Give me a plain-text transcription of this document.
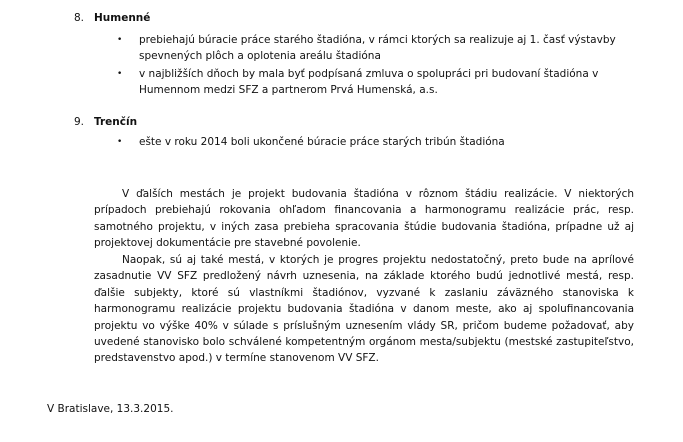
8. Humenné
• prebiehajú búracie práce starého štadióna, v rámci ktorých sa realizuje aj 1. časť výstavby
spevnených plôch a oplotenia areálu štadióna
• v najbližších dňoch by mala byť podpísaná zmluva o spolupráci pri budovaní štadióna v
Humennom medzi SFZ a partnerom Prvá Humenská, a.s.
9. Trenčín
• ešte v roku 2014 boli ukončené búracie práce starých tribún štadióna

V ďalších mestách je projekt budovania štadióna v rôznom štádiu realizácie. V niektorých prípadoch prebiehajú rokovania ohľadom financovania a harmonogramu realizácie prác, resp. samotného projektu, v iných zasa prebieha spracovania štúdie budovania štadióna, prípadne už aj projektovej dokumentácie pre stavebné povolenie.

Naopak, sú aj také mestá, v ktorých je progres projektu nedostatočný, preto bude na aprílové zasadnutie VV SFZ predložený návrh uznesenia, na základe ktorého budú jednotlivé mestá, resp. ďalšie subjekty, ktoré sú vlastníkmi štadiónov, vyzvané k zaslaniu záväzného stanoviska k harmonogramu realizácie projektu budovania štadióna v danom meste, ako aj spolufinancovania projektu vo výške 40% v súlade s príslušným uznesením vlády SR, pričom budeme požadovať, aby uvedené stanovisko bolo schválené kompetentným orgánom mesta/subjektu (mestské zastupiteľstvo, predstavenstvo apod.) v termíne stanovenom VV SFZ.

V Bratislave, 13.3.2015.
